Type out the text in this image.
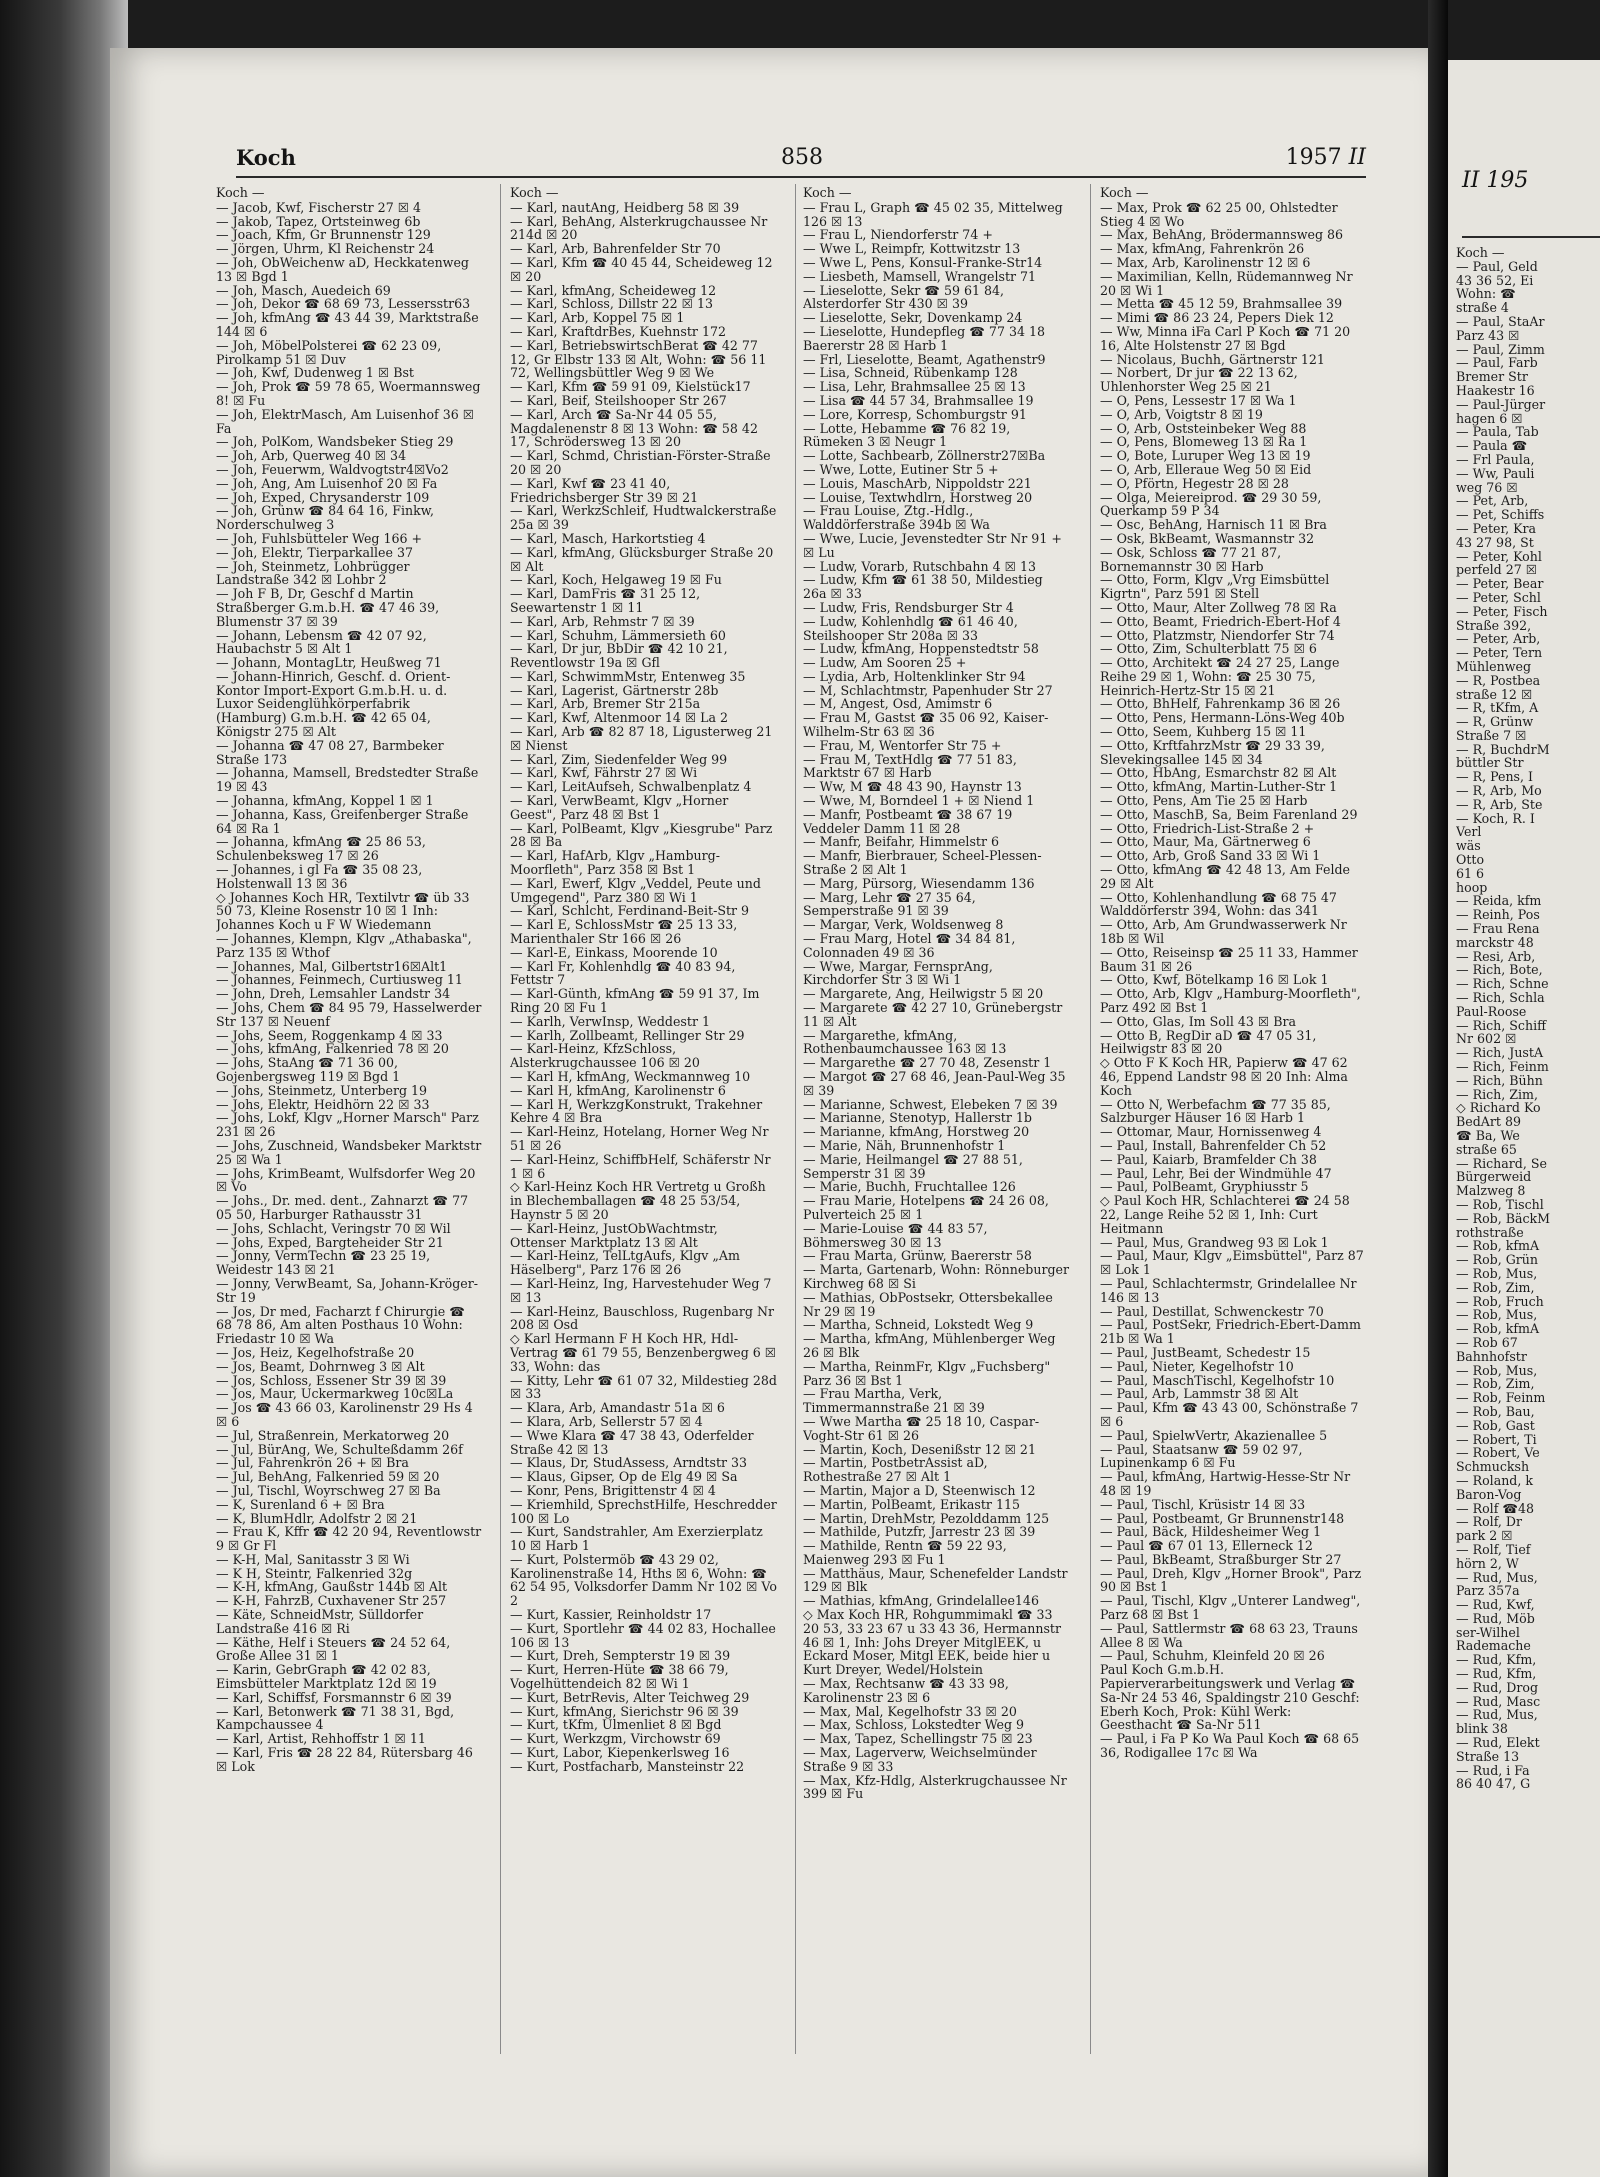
Koch	858	1957 II
Koch —
— Jacob, Kwf, Fischerstr 27 ☒ 4
— Jakob, Tapez, Ortsteinweg 6b
— Joach, Kfm, Gr Brunnenstr 129
— Jörgen, Uhrm, Kl Reichenstr 24
— Joh, ObWeichenw aD, Heckkatenweg 13 ☒ Bgd 1
— Joh, Masch, Auedeich 69
— Joh, Dekor ☎ 68 69 73, Lessersstr63
— Joh, kfmAng ☎ 43 44 39, Marktstraße 144 ☒ 6
— Joh, MöbelPolsterei ☎ 62 23 09, Pirolkamp 51 ☒ Duv
— Joh, Kwf, Dudenweg 1 ☒ Bst
— Joh, Prok ☎ 59 78 65, Woermannsweg 8! ☒ Fu
— Joh, ElektrMasch, Am Luisenhof 36 ☒ Fa
— Joh, PolKom, Wandsbeker Stieg 29
— Joh, Arb, Querweg 40 ☒ 34
— Joh, Feuerwm, Waldvogtstr4☒Vo2
— Joh, Ang, Am Luisenhof 20 ☒ Fa
— Joh, Exped, Chrysanderstr 109
— Joh, Grünw ☎ 84 64 16, Finkw, Norderschulweg 3
— Joh, Fuhlsbütteler Weg 166 +
— Joh, Elektr, Tierparkallee 37
— Joh, Steinmetz, Lohbrügger Landstraße 342 ☒ Lohbr 2
— Joh F B, Dr, Geschf d Martin Straßberger G.m.b.H. ☎ 47 46 39, Blumenstr 37 ☒ 39
— Johann, Lebensm ☎ 42 07 92, Haubachstr 5 ☒ Alt 1
— Johann, MontagLtr, Heußweg 71
— Johann-Hinrich, Geschf. d. Orient-Kontor Import-Export G.m.b.H. u. d. Luxor Seidenglühkörperfabrik (Hamburg) G.m.b.H. ☎ 42 65 04, Königstr 275 ☒ Alt
— Johanna ☎ 47 08 27, Barmbeker Straße 173
— Johanna, Mamsell, Bredstedter Straße 19 ☒ 43
— Johanna, kfmAng, Koppel 1 ☒ 1
— Johanna, Kass, Greifenberger Straße 64 ☒ Ra 1
— Johanna, kfmAng ☎ 25 86 53, Schulenbeksweg 17 ☒ 26
— Johannes, i gl Fa ☎ 35 08 23, Holstenwall 13 ☒ 36
◇ Johannes Koch HR, Textilvtr ☎ üb 33 50 73, Kleine Rosenstr 10 ☒ 1 Inh: Johannes Koch u F W Wiedemann
— Johannes, Klempn, Klgv „Athabaska", Parz 135 ☒ Wthof
— Johannes, Mal, Gilbertstr16☒Alt1
— Johannes, Feinmech, Curtiusweg 11
— John, Dreh, Lemsahler Landstr 34
— Johs, Chem ☎ 84 95 79, Hasselwerder Str 137 ☒ Neuenf
— Johs, Seem, Roggenkamp 4 ☒ 33
— Johs, kfmAng, Falkenried 78 ☒ 20
— Johs, StaAng ☎ 71 36 00, Gojenbergsweg 119 ☒ Bgd 1
— Johs, Steinmetz, Unterberg 19
— Johs, Elektr, Heidhörn 22 ☒ 33
— Johs, Lokf, Klgv „Horner Marsch" Parz 231 ☒ 26
— Johs, Zuschneid, Wandsbeker Marktstr 25 ☒ Wa 1
— Johs, KrimBeamt, Wulfsdorfer Weg 20 ☒ Vo
— Johs., Dr. med. dent., Zahnarzt ☎ 77 05 50, Harburger Rathausstr 31
— Johs, Schlacht, Veringstr 70 ☒ Wil
— Johs, Exped, Bargteheider Str 21
— Jonny, VermTechn ☎ 23 25 19, Weidestr 143 ☒ 21
— Jonny, VerwBeamt, Sa, Johann-Kröger-Str 19
— Jos, Dr med, Facharzt f Chirurgie ☎ 68 78 86, Am alten Posthaus 10 Wohn: Friedastr 10 ☒ Wa
— Jos, Heiz, Kegelhofstraße 20
— Jos, Beamt, Dohrnweg 3 ☒ Alt
— Jos, Schloss, Essener Str 39 ☒ 39
— Jos, Maur, Uckermarkweg 10c☒La
— Jos ☎ 43 66 03, Karolinenstr 29 Hs 4 ☒ 6
— Jul, Straßenrein, Merkatorweg 20
— Jul, BürAng, We, Schulteßdamm 26f
— Jul, Fahrenkrön 26 + ☒ Bra
— Jul, BehAng, Falkenried 59 ☒ 20
— Jul, Tischl, Woyrschweg 27 ☒ Ba
— K, Surenland 6 + ☒ Bra
— K, BlumHdlr, Adolfstr 2 ☒ 21
— Frau K, Kffr ☎ 42 20 94, Reventlowstr 9 ☒ Gr Fl
— K-H, Mal, Sanitasstr 3 ☒ Wi
— K H, Steintr, Falkenried 32g
— K-H, kfmAng, Gaußstr 144b ☒ Alt
— K-H, FahrzB, Cuxhavener Str 257
— Käte, SchneidMstr, Sülldorfer Landstraße 416 ☒ Ri
— Käthe, Helf i Steuers ☎ 24 52 64, Große Allee 31 ☒ 1
— Karin, GebrGraph ☎ 42 02 83, Eimsbütteler Marktplatz 12d ☒ 19
— Karl, Schiffsf, Forsmannstr 6 ☒ 39
— Karl, Betonwerk ☎ 71 38 31, Bgd, Kampchaussee 4
— Karl, Artist, Rehhoffstr 1 ☒ 11
— Karl, Fris ☎ 28 22 84, Rütersbarg 46 ☒ Lok
Koch —
— Karl, nautAng, Heidberg 58 ☒ 39
— Karl, BehAng, Alsterkrugchaussee Nr 214d ☒ 20
— Karl, Arb, Bahrenfelder Str 70
— Karl, Kfm ☎ 40 45 44, Scheideweg 12 ☒ 20
— Karl, kfmAng, Scheideweg 12
— Karl, Schloss, Dillstr 22 ☒ 13
— Karl, Arb, Koppel 75 ☒ 1
— Karl, KraftdrBes, Kuehnstr 172
— Karl, BetriebswirtschBerat ☎ 42 77 12, Gr Elbstr 133 ☒ Alt, Wohn: ☎ 56 11 72, Wellingsbüttler Weg 9 ☒ We
— Karl, Kfm ☎ 59 91 09, Kielstück17
— Karl, Beif, Steilshooper Str 267
— Karl, Arch ☎ Sa-Nr 44 05 55, Magdalenenstr 8 ☒ 13 Wohn: ☎ 58 42 17, Schrödersweg 13 ☒ 20
— Karl, Schmd, Christian-Förster-Straße 20 ☒ 20
— Karl, Kwf ☎ 23 41 40, Friedrichsberger Str 39 ☒ 21
— Karl, WerkzSchleif, Hudtwalckerstraße 25a ☒ 39
— Karl, Masch, Harkortstieg 4
— Karl, kfmAng, Glücksburger Straße 20 ☒ Alt
— Karl, Koch, Helgaweg 19 ☒ Fu
— Karl, DamFris ☎ 31 25 12, Seewartenstr 1 ☒ 11
— Karl, Arb, Rehmstr 7 ☒ 39
— Karl, Schuhm, Lämmersieth 60
— Karl, Dr jur, BbDir ☎ 42 10 21, Reventlowstr 19a ☒ Gfl
— Karl, SchwimmMstr, Entenweg 35
— Karl, Lagerist, Gärtnerstr 28b
— Karl, Arb, Bremer Str 215a
— Karl, Kwf, Altenmoor 14 ☒ La 2
— Karl, Arb ☎ 82 87 18, Ligusterweg 21 ☒ Nienst
— Karl, Zim, Siedenfelder Weg 99
— Karl, Kwf, Fährstr 27 ☒ Wi
— Karl, LeitAufseh, Schwalbenplatz 4
— Karl, VerwBeamt, Klgv „Horner Geest", Parz 48 ☒ Bst 1
— Karl, PolBeamt, Klgv „Kiesgrube" Parz 28 ☒ Ba
— Karl, HafArb, Klgv „Hamburg-Moorfleth", Parz 358 ☒ Bst 1
— Karl, Ewerf, Klgv „Veddel, Peute und Umgegend", Parz 380 ☒ Wi 1
— Karl, Schlcht, Ferdinand-Beit-Str 9
— Karl E, SchlossMstr ☎ 25 13 33, Marienthaler Str 166 ☒ 26
— Karl-E, Einkass, Moorende 10
— Karl Fr, Kohlenhdlg ☎ 40 83 94, Fettstr 7
— Karl-Günth, kfmAng ☎ 59 91 37, Im Ring 20 ☒ Fu 1
— Karlh, VerwInsp, Weddestr 1
— Karlh, Zollbeamt, Rellinger Str 29
— Karl-Heinz, KfzSchloss, Alsterkrugchaussee 106 ☒ 20
— Karl H, kfmAng, Weckmannweg 10
— Karl H, kfmAng, Karolinenstr 6
— Karl H, WerkzgKonstrukt, Trakehner Kehre 4 ☒ Bra
— Karl-Heinz, Hotelang, Horner Weg Nr 51 ☒ 26
— Karl-Heinz, SchiffbHelf, Schäferstr Nr 1 ☒ 6
◇ Karl-Heinz Koch HR Vertretg u Großh in Blechemballagen ☎ 48 25 53/54, Haynstr 5 ☒ 20
— Karl-Heinz, JustObWachtmstr, Ottenser Marktplatz 13 ☒ Alt
— Karl-Heinz, TelLtgAufs, Klgv „Am Häselberg", Parz 176 ☒ 26
— Karl-Heinz, Ing, Harvestehuder Weg 7 ☒ 13
— Karl-Heinz, Bauschloss, Rugenbarg Nr 208 ☒ Osd
◇ Karl Hermann F H Koch HR, Hdl-Vertrag ☎ 61 79 55, Benzenbergweg 6 ☒ 33, Wohn: das
— Kitty, Lehr ☎ 61 07 32, Mildestieg 28d ☒ 33
— Klara, Arb, Amandastr 51a ☒ 6
— Klara, Arb, Sellerstr 57 ☒ 4
— Wwe Klara ☎ 47 38 43, Oderfelder Straße 42 ☒ 13
— Klaus, Dr, StudAssess, Arndtstr 33
— Klaus, Gipser, Op de Elg 49 ☒ Sa
— Konr, Pens, Brigittenstr 4 ☒ 4
— Kriemhild, SprechstHilfe, Heschredder 100 ☒ Lo
— Kurt, Sandstrahler, Am Exerzierplatz 10 ☒ Harb 1
— Kurt, Polstermöb ☎ 43 29 02, Karolinenstraße 14, Hths ☒ 6, Wohn: ☎ 62 54 95, Volksdorfer Damm Nr 102 ☒ Vo 2
— Kurt, Kassier, Reinholdstr 17
— Kurt, Sportlehr ☎ 44 02 83, Hochallee 106 ☒ 13
— Kurt, Dreh, Sempterstr 19 ☒ 39
— Kurt, Herren-Hüte ☎ 38 66 79, Vogelhüttendeich 82 ☒ Wi 1
— Kurt, BetrRevis, Alter Teichweg 29
— Kurt, kfmAng, Sierichstr 96 ☒ 39
— Kurt, tKfm, Ulmenliet 8 ☒ Bgd
— Kurt, Werkzgm, Virchowstr 69
— Kurt, Labor, Kiepenkerlsweg 16
— Kurt, Postfacharb, Mansteinstr 22
Koch —
— Frau L, Graph ☎ 45 02 35, Mittelweg 126 ☒ 13
— Frau L, Niendorferstr 74 +
— Wwe L, Reimpfr, Kottwitzstr 13
— Wwe L, Pens, Konsul-Franke-Str14
— Liesbeth, Mamsell, Wrangelstr 71
— Lieselotte, Sekr ☎ 59 61 84, Alsterdorfer Str 430 ☒ 39
— Lieselotte, Sekr, Dovenkamp 24
— Lieselotte, Hundepfleg ☎ 77 34 18 Baererstr 28 ☒ Harb 1
— Frl, Lieselotte, Beamt, Agathenstr9
— Lisa, Schneid, Rübenkamp 128
— Lisa, Lehr, Brahmsallee 25 ☒ 13
— Lisa ☎ 44 57 34, Brahmsallee 19
— Lore, Korresp, Schomburgstr 91
— Lotte, Hebamme ☎ 76 82 19, Rümeken 3 ☒ Neugr 1
— Lotte, Sachbearb, Zöllnerstr27☒Ba
— Wwe, Lotte, Eutiner Str 5 +
— Louis, MaschArb, Nippoldstr 221
— Louise, Textwhdlrn, Horstweg 20
— Frau Louise, Ztg.-Hdlg., Walddörferstraße 394b ☒ Wa
— Wwe, Lucie, Jevenstedter Str Nr 91 + ☒ Lu
— Ludw, Vorarb, Rutschbahn 4 ☒ 13
— Ludw, Kfm ☎ 61 38 50, Mildestieg 26a ☒ 33
— Ludw, Fris, Rendsburger Str 4
— Ludw, Kohlenhdlg ☎ 61 46 40, Steilshooper Str 208a ☒ 33
— Ludw, kfmAng, Hoppenstedtstr 58
— Ludw, Am Sooren 25 +
— Lydia, Arb, Holtenklinker Str 94
— M, Schlachtmstr, Papenhuder Str 27
— M, Angest, Osd, Amimstr 6
— Frau M, Gastst ☎ 35 06 92, Kaiser-Wilhelm-Str 63 ☒ 36
— Frau, M, Wentorfer Str 75 +
— Frau M, TextHdlg ☎ 77 51 83, Marktstr 67 ☒ Harb
— Ww, M ☎ 48 43 90, Haynstr 13
— Wwe, M, Borndeel 1 + ☒ Niend 1
— Manfr, Postbeamt ☎ 38 67 19 Veddeler Damm 11 ☒ 28
— Manfr, Beifahr, Himmelstr 6
— Manfr, Bierbrauer, Scheel-Plessen-Straße 2 ☒ Alt 1
— Marg, Pürsorg, Wiesendamm 136
— Marg, Lehr ☎ 27 35 64, Semperstraße 91 ☒ 39
— Margar, Verk, Woldsenweg 8
— Frau Marg, Hotel ☎ 34 84 81, Colonnaden 49 ☒ 36
— Wwe, Margar, FernsprAng, Kirchdorfer Str 3 ☒ Wi 1
— Margarete, Ang, Heilwigstr 5 ☒ 20
— Margarete ☎ 42 27 10, Grünebergstr 11 ☒ Alt
— Margarethe, kfmAng, Rothenbaumchaussee 163 ☒ 13
— Margarethe ☎ 27 70 48, Zesenstr 1
— Margot ☎ 27 68 46, Jean-Paul-Weg 35 ☒ 39
— Marianne, Schwest, Elebeken 7 ☒ 39
— Marianne, Stenotyp, Hallerstr 1b
— Marianne, kfmAng, Horstweg 20
— Marie, Näh, Brunnenhofstr 1
— Marie, Heilmangel ☎ 27 88 51, Semperstr 31 ☒ 39
— Marie, Buchh, Fruchtallee 126
— Frau Marie, Hotelpens ☎ 24 26 08, Pulverteich 25 ☒ 1
— Marie-Louise ☎ 44 83 57, Böhmersweg 30 ☒ 13
— Frau Marta, Grünw, Baererstr 58
— Marta, Gartenarb, Wohn: Rönneburger Kirchweg 68 ☒ Si
— Mathias, ObPostsekr, Ottersbekallee Nr 29 ☒ 19
— Martha, Schneid, Lokstedt Weg 9
— Martha, kfmAng, Mühlenberger Weg 26 ☒ Blk
— Martha, ReinmFr, Klgv „Fuchsberg" Parz 36 ☒ Bst 1
— Frau Martha, Verk, Timmermannstraße 21 ☒ 39
— Wwe Martha ☎ 25 18 10, Caspar-Voght-Str 61 ☒ 26
— Martin, Koch, Desenißstr 12 ☒ 21
— Martin, PostbetrAssist aD, Rothestraße 27 ☒ Alt 1
— Martin, Major a D, Steenwisch 12
— Martin, PolBeamt, Erikastr 115
— Martin, DrehMstr, Pezolddamm 125
— Mathilde, Putzfr, Jarrestr 23 ☒ 39
— Mathilde, Rentn ☎ 59 22 93, Maienweg 293 ☒ Fu 1
— Matthäus, Maur, Schenefelder Landstr 129 ☒ Blk
— Mathias, kfmAng, Grindelallee146
◇ Max Koch HR, Rohgummimakl ☎ 33 20 53, 33 23 67 u 33 43 36, Hermannstr 46 ☒ 1, Inh: Johs Dreyer MitglEEK, u Eckard Moser, Mitgl EEK, beide hier u Kurt Dreyer, Wedel/Holstein
— Max, Rechtsanw ☎ 43 33 98, Karolinenstr 23 ☒ 6
— Max, Mal, Kegelhofstr 33 ☒ 20
— Max, Schloss, Lokstedter Weg 9
— Max, Tapez, Schellingstr 75 ☒ 23
— Max, Lagerverw, Weichselmünder Straße 9 ☒ 33
— Max, Kfz-Hdlg, Alsterkrugchaussee Nr 399 ☒ Fu
Koch —
— Max, Prok ☎ 62 25 00, Ohlstedter Stieg 4 ☒ Wo
— Max, BehAng, Brödermannsweg 86
— Max, kfmAng, Fahrenkrön 26
— Max, Arb, Karolinenstr 12 ☒ 6
— Maximilian, Kelln, Rüdemannweg Nr 20 ☒ Wi 1
— Metta ☎ 45 12 59, Brahmsallee 39
— Mimi ☎ 86 23 24, Pepers Diek 12
— Ww, Minna iFa Carl P Koch ☎ 71 20 16, Alte Holstenstr 27 ☒ Bgd
— Nicolaus, Buchh, Gärtnerstr 121
— Norbert, Dr jur ☎ 22 13 62, Uhlenhorster Weg 25 ☒ 21
— O, Pens, Lessestr 17 ☒ Wa 1
— O, Arb, Voigtstr 8 ☒ 19
— O, Arb, Oststeinbeker Weg 88
— O, Pens, Blomeweg 13 ☒ Ra 1
— O, Bote, Luruper Weg 13 ☒ 19
— O, Arb, Elleraue Weg 50 ☒ Eid
— O, Pförtn, Hegestr 28 ☒ 28
— Olga, Meiereiprod. ☎ 29 30 59, Querkamp 59 P 34
— Osc, BehAng, Harnisch 11 ☒ Bra
— Osk, BkBeamt, Wasmannstr 32
— Osk, Schloss ☎ 77 21 87, Bornemannstr 30 ☒ Harb
— Otto, Form, Klgv „Vrg Eimsbüttel Kigrtn", Parz 591 ☒ Stell
— Otto, Maur, Alter Zollweg 78 ☒ Ra
— Otto, Beamt, Friedrich-Ebert-Hof 4
— Otto, Platzmstr, Niendorfer Str 74
— Otto, Zim, Schulterblatt 75 ☒ 6
— Otto, Architekt ☎ 24 27 25, Lange Reihe 29 ☒ 1, Wohn: ☎ 25 30 75, Heinrich-Hertz-Str 15 ☒ 21
— Otto, BhHelf, Fahrenkamp 36 ☒ 26
— Otto, Pens, Hermann-Löns-Weg 40b
— Otto, Seem, Kuhberg 15 ☒ 11
— Otto, KrftfahrzMstr ☎ 29 33 39, Slevekingsallee 145 ☒ 34
— Otto, HbAng, Esmarchstr 82 ☒ Alt
— Otto, kfmAng, Martin-Luther-Str 1
— Otto, Pens, Am Tie 25 ☒ Harb
— Otto, MaschB, Sa, Beim Farenland 29
— Otto, Friedrich-List-Straße 2 +
— Otto, Maur, Ma, Gärtnerweg 6
— Otto, Arb, Groß Sand 33 ☒ Wi 1
— Otto, kfmAng ☎ 42 48 13, Am Felde 29 ☒ Alt
— Otto, Kohlenhandlung ☎ 68 75 47 Walddörferstr 394, Wohn: das 341
— Otto, Arb, Am Grundwasserwerk Nr 18b ☒ Wil
— Otto, Reiseinsp ☎ 25 11 33, Hammer Baum 31 ☒ 26
— Otto, Kwf, Bötelkamp 16 ☒ Lok 1
— Otto, Arb, Klgv „Hamburg-Moorfleth", Parz 492 ☒ Bst 1
— Otto, Glas, Im Soll 43 ☒ Bra
— Otto B, RegDir aD ☎ 47 05 31, Heilwigstr 83 ☒ 20
◇ Otto F K Koch HR, Papierw ☎ 47 62 46, Eppend Landstr 98 ☒ 20 Inh: Alma Koch
— Otto N, Werbefachm ☎ 77 35 85, Salzburger Häuser 16 ☒ Harb 1
— Ottomar, Maur, Hornissenweg 4
— Paul, Install, Bahrenfelder Ch 52
— Paul, Kaiarb, Bramfelder Ch 38
— Paul, Lehr, Bei der Windmühle 47
— Paul, PolBeamt, Gryphiusstr 5
◇ Paul Koch HR, Schlachterei ☎ 24 58 22, Lange Reihe 52 ☒ 1, Inh: Curt Heitmann
— Paul, Mus, Grandweg 93 ☒ Lok 1
— Paul, Maur, Klgv „Eimsbüttel", Parz 87 ☒ Lok 1
— Paul, Schlachtermstr, Grindelallee Nr 146 ☒ 13
— Paul, Destillat, Schwenckestr 70
— Paul, PostSekr, Friedrich-Ebert-Damm 21b ☒ Wa 1
— Paul, JustBeamt, Schedestr 15
— Paul, Nieter, Kegelhofstr 10
— Paul, MaschTischl, Kegelhofstr 10
— Paul, Arb, Lammstr 38 ☒ Alt
— Paul, Kfm ☎ 43 43 00, Schönstraße 7 ☒ 6
— Paul, SpielwVertr, Akazienallee 5
— Paul, Staatsanw ☎ 59 02 97, Lupinenkamp 6 ☒ Fu
— Paul, kfmAng, Hartwig-Hesse-Str Nr 48 ☒ 19
— Paul, Tischl, Krüsistr 14 ☒ 33
— Paul, Postbeamt, Gr Brunnenstr148
— Paul, Bäck, Hildesheimer Weg 1
— Paul ☎ 67 01 13, Ellerneck 12
— Paul, BkBeamt, Straßburger Str 27
— Paul, Dreh, Klgv „Horner Brook", Parz 90 ☒ Bst 1
— Paul, Tischl, Klgv „Unterer Landweg", Parz 68 ☒ Bst 1
— Paul, Sattlermstr ☎ 68 63 23, Trauns Allee 8 ☒ Wa
— Paul, Schuhm, Kleinfeld 20 ☒ 26
Paul Koch G.m.b.H. Papierverarbeitungswerk und Verlag ☎ Sa-Nr 24 53 46, Spaldingstr 210 Geschf: Eberh Koch, Prok: Kühl Werk: Geesthacht ☎ Sa-Nr 511
— Paul, i Fa P Ko Wa Paul Koch ☎ 68 65 36, Rodigallee 17c ☒ Wa
II 195
Koch —
— Paul, Geld
43 36 52, Ei
Wohn: ☎
straße 4
— Paul, StaAr
Parz 43 ☒
— Paul, Zimm
— Paul, Farb
Bremer Str
Haakestr 16
— Paul-Jürger
hagen 6 ☒
— Paula, Tab
— Paula ☎
— Frl Paula,
— Ww, Pauli
weg 76 ☒
— Pet, Arb,
— Pet, Schiffs
— Peter, Kra
43 27 98, St
— Peter, Kohl
perfeld 27 ☒
— Peter, Bear
— Peter, Schl
— Peter, Fisch
Straße 392,
— Peter, Arb,
— Peter, Tern
Mühlenweg
— R, Postbea
straße 12 ☒
— R, tKfm, A
— R, Grünw
Straße 7 ☒
— R, BuchdrM
büttler Str
— R, Pens, I
— R, Arb, Mo
— R, Arb, Ste
— Koch, R. I
Verl
wäs
Otto
61 6
hoop
— Reida, kfm
— Reinh, Pos
— Frau Rena
marckstr 48
— Resi, Arb,
— Rich, Bote,
— Rich, Schne
— Rich, Schla
Paul-Roose
— Rich, Schiff
Nr 602 ☒
— Rich, JustA
— Rich, Feinm
— Rich, Bühn
— Rich, Zim,
◇ Richard Ko
BedArt 89
☎ Ba, We
straße 65
— Richard, Se
Bürgerweid
Malzweg 8
— Rob, Tischl
— Rob, BäckM
rothstraße
— Rob, kfmA
— Rob, Grün
— Rob, Mus,
— Rob, Zim,
— Rob, Fruch
— Rob, Mus,
— Rob, kfmA
— Rob 67
Bahnhofstr
— Rob, Mus,
— Rob, Zim,
— Rob, Feinm
— Rob, Bau,
— Rob, Gast
— Robert, Ti
— Robert, Ve
Schmucksh
— Roland, k
Baron-Vog
— Rolf ☎48
— Rolf, Dr
park 2 ☒
— Rolf, Tief
hörn 2, W
— Rud, Mus,
Parz 357a
— Rud, Kwf,
— Rud, Möb
ser-Wilhel
Rademache
— Rud, Kfm,
— Rud, Kfm,
— Rud, Drog
— Rud, Masc
— Rud, Mus,
blink 38
— Rud, Elekt
Straße 13
— Rud, i Fa
86 40 47, G
